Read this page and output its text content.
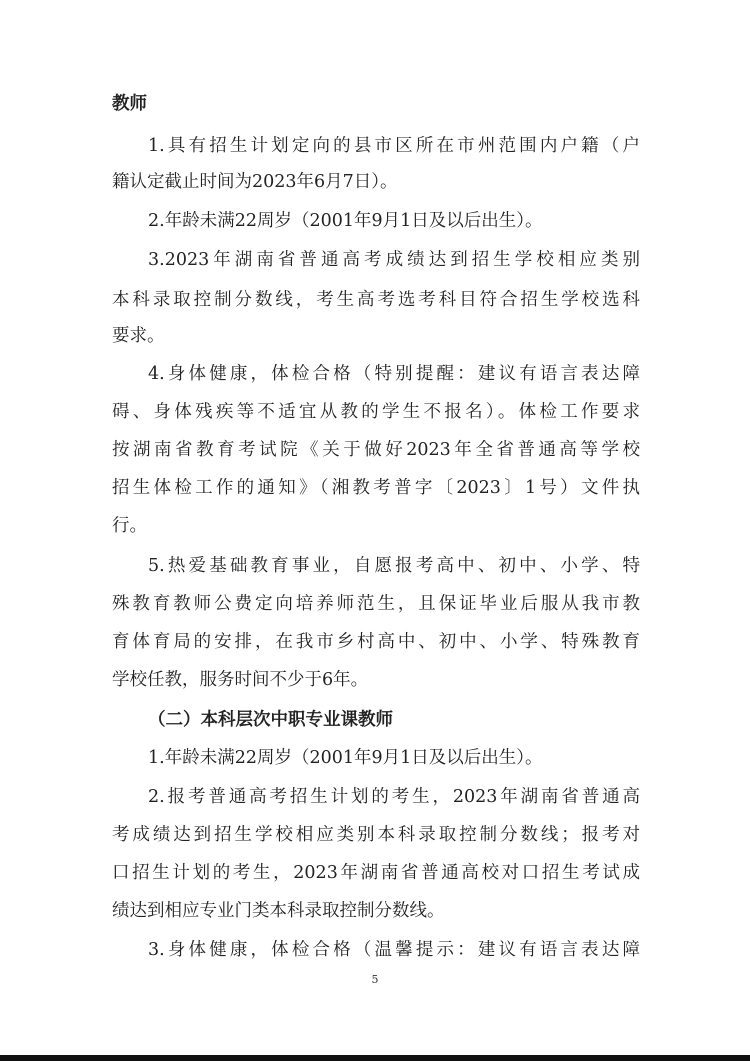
教师
1.具有招生计划定向的县市区所在市州范围内户籍（户
籍认定截止时间为2023年6月7日）。
2.年龄未满22周岁（2001年9月1日及以后出生）。
3.2023年湖南省普通高考成绩达到招生学校相应类别
本科录取控制分数线，考生高考选考科目符合招生学校选科
要求。
4.身体健康，体检合格（特别提醒：建议有语言表达障
碍、身体残疾等不适宜从教的学生不报名）。体检工作要求
按湖南省教育考试院《关于做好2023年全省普通高等学校
招生体检工作的通知》（湘教考普字〔2023〕1号）文件执
行。
5.热爱基础教育事业，自愿报考高中、初中、小学、特
殊教育教师公费定向培养师范生，且保证毕业后服从我市教
育体育局的安排，在我市乡村高中、初中、小学、特殊教育
学校任教，服务时间不少于6年。
（二）本科层次中职专业课教师
1.年龄未满22周岁（2001年9月1日及以后出生）。
2.报考普通高考招生计划的考生，2023年湖南省普通高
考成绩达到招生学校相应类别本科录取控制分数线；报考对
口招生计划的考生，2023年湖南省普通高校对口招生考试成
绩达到相应专业门类本科录取控制分数线。
3.身体健康，体检合格（温馨提示：建议有语言表达障
5
